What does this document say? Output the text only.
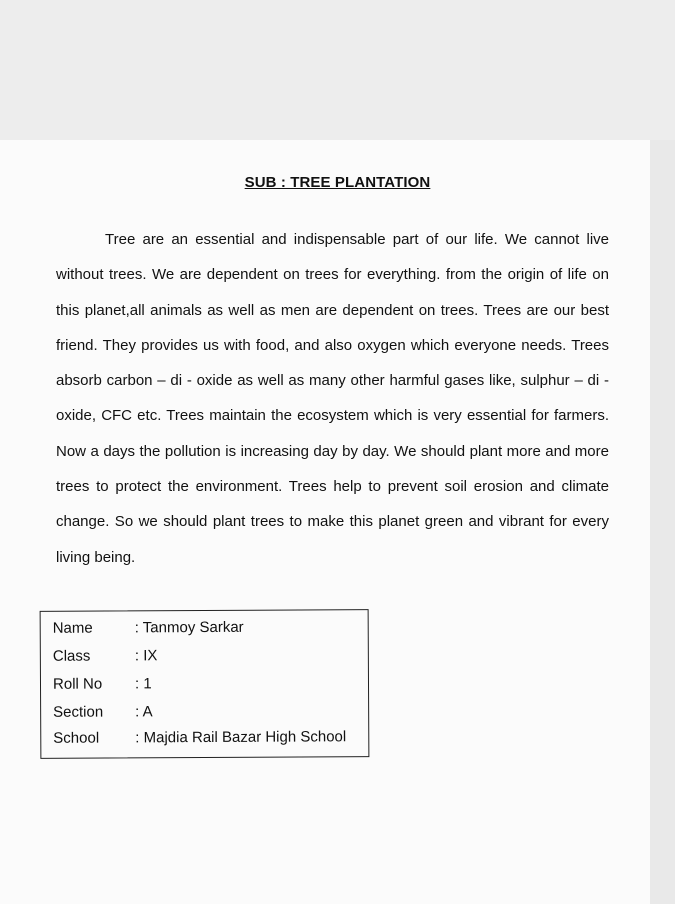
SUB : TREE PLANTATION

Tree are an essential and indispensable part of our life. We cannot live without trees. We are dependent on trees for everything. from the origin of life on this planet,all animals as well as men are dependent on trees. Trees are our best friend. They provides us with food, and also oxygen which everyone needs. Trees absorb carbon – di - oxide as well as many other harmful gases like, sulphur – di - oxide, CFC etc. Trees maintain the ecosystem which is very essential for farmers. Now a days the pollution is increasing day by day. We should plant more and more trees to protect the environment. Trees help to prevent soil erosion and climate change. So we should plant trees to make this planet green and vibrant for every living being.

Name	: Tanmoy Sarkar
Class	: IX
Roll No : 1
Section : A
School : Majdia Rail Bazar High School
